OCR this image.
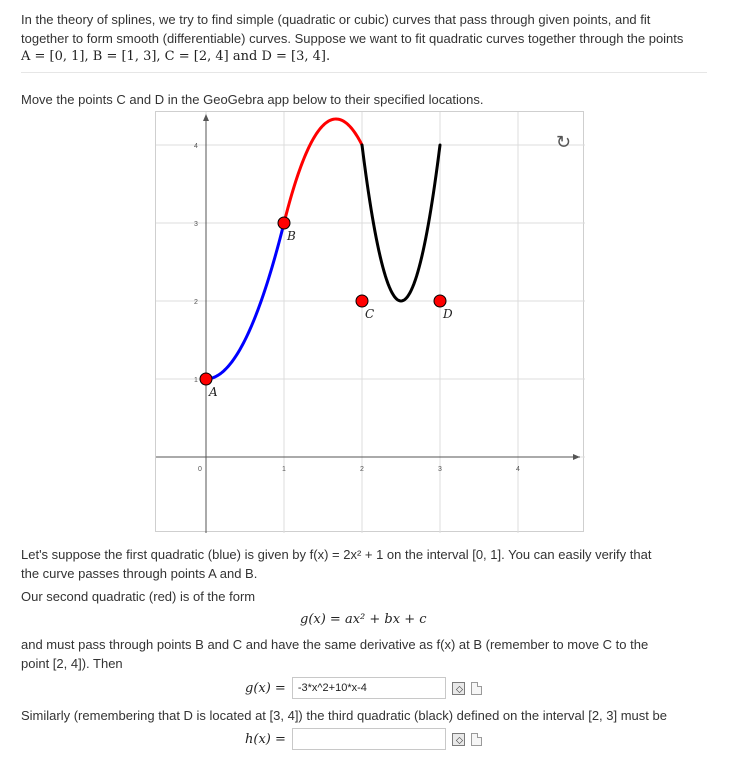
In the theory of splines, we try to find simple (quadratic or cubic) curves that pass through given points, and fit

together to form smooth (differentiable) curves. Suppose we want to fit quadratic curves together through the points

A = [0, 1], B = [1, 3], C = [2, 4] and D = [3, 4].

Move the points C and D in the GeoGebra app below to their specified locations.

0	1	2	3	4
1
2
3
4
A
B
C	D
↻

Let's suppose the first quadratic (blue) is given by f(x) = 2x² + 1 on the interval [0, 1]. You can easily verify that

the curve passes through points A and B.

Our second quadratic (red) is of the form

g(x) = ax² + bx + c

and must pass through points B and C and have the same derivative as f(x) at B (remember to move C to the

point [2, 4]). Then

g(x) =
-3*x^2+10*x-4

Similarly (remembering that D is located at [3, 4]) the third quadratic (black) defined on the interval [2, 3] must be

h(x) =
